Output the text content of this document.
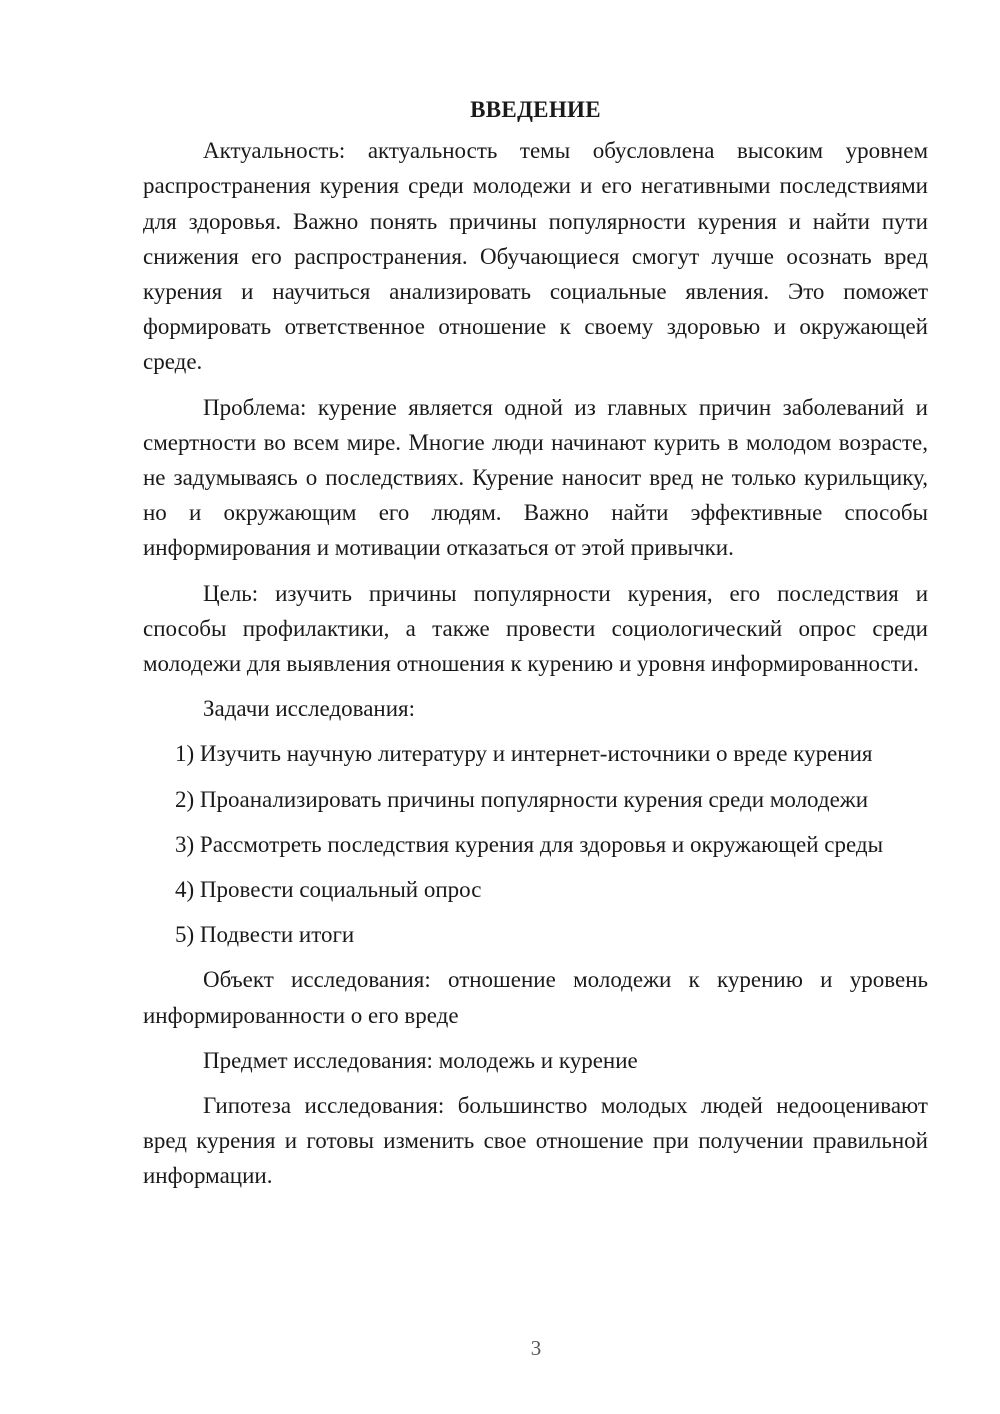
ВВЕДЕНИЕ

Актуальность: актуальность темы обусловлена высоким уровнем распространения курения среди молодежи и его негативными последствиями для здоровья. Важно понять причины популярности курения и найти пути снижения его распространения. Обучающиеся смогут лучше осознать вред курения и научиться анализировать социальные явления. Это поможет формировать ответственное отношение к своему здоровью и окружающей среде.

Проблема: курение является одной из главных причин заболеваний и смертности во всем мире. Многие люди начинают курить в молодом возрасте, не задумываясь о последствиях. Курение наносит вред не только курильщику, но и окружающим его людям. Важно найти эффективные способы информирования и мотивации отказаться от этой привычки.

Цель: изучить причины популярности курения, его последствия и способы профилактики, а также провести социологический опрос среди молодежи для выявления отношения к курению и уровня информированности.

Задачи исследования:

1) Изучить научную литературу и интернет-источники о вреде курения

2) Проанализировать причины популярности курения среди молодежи

3) Рассмотреть последствия курения для здоровья и окружающей среды

4) Провести социальный опрос

5) Подвести итоги

Объект исследования: отношение молодежи к курению и уровень информированности о его вреде

Предмет исследования: молодежь и курение

Гипотеза исследования: большинство молодых людей недооценивают вред курения и готовы изменить свое отношение при получении правильной информации.

3
